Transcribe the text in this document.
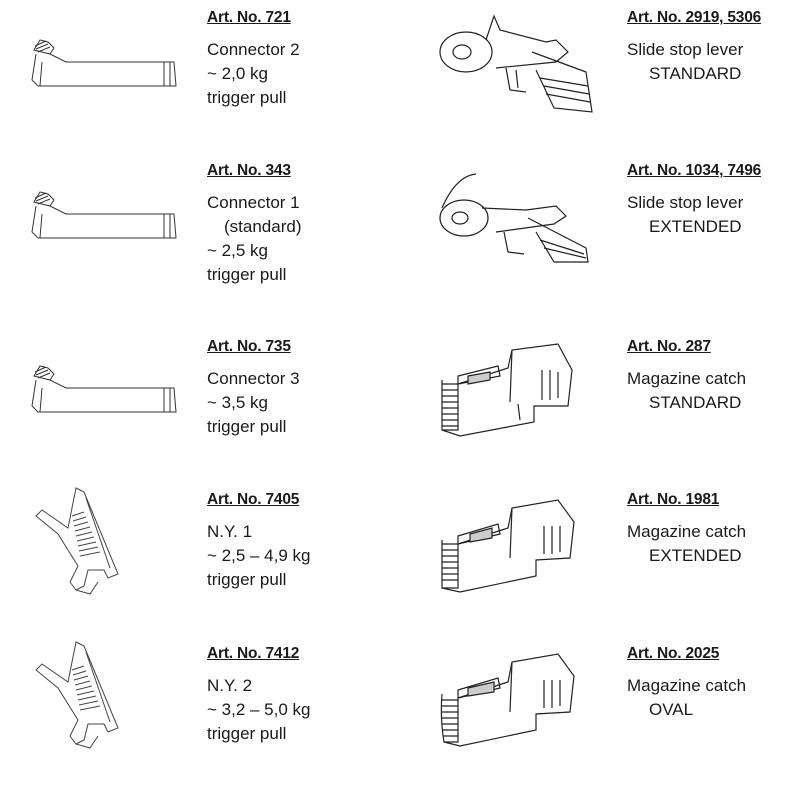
Art. No. 721
Connector 2
~ 2,0 kg
trigger pull
Art. No. 343
Connector 1
(standard)
~ 2,5 kg
trigger pull
Art. No. 735
Connector 3
~ 3,5 kg
trigger pull
Art. No. 7405
N.Y. 1
~ 2,5 – 4,9 kg
trigger pull
Art. No. 7412
N.Y. 2
~ 3,2 – 5,0 kg
trigger pull
Art. No. 2919, 5306
Slide stop lever
STANDARD
Art. No. 1034, 7496
Slide stop lever
EXTENDED
Art. No. 287
Magazine catch
STANDARD
Art. No. 1981
Magazine catch
EXTENDED
Art. No. 2025
Magazine catch
OVAL
